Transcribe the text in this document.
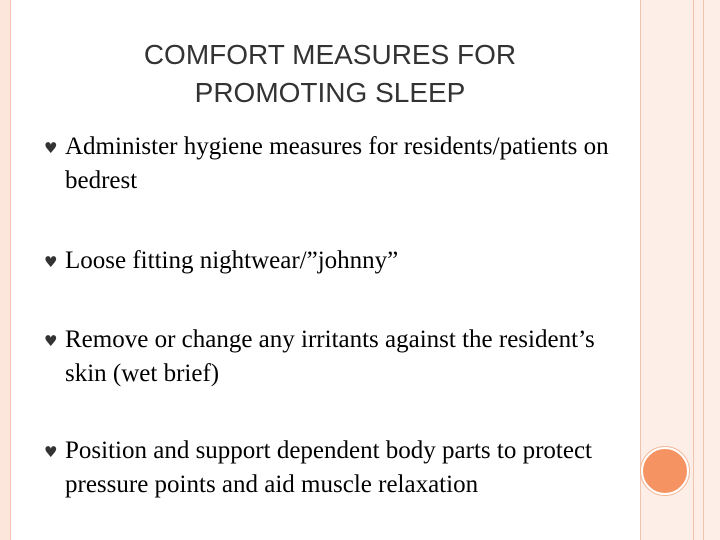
COMFORT MEASURES FOR
PROMOTING SLEEP
♥ Administer hygiene measures for residents/patients on bedrest
♥ Loose fitting nightwear/”johnny”
♥ Remove or change any irritants against the resident’s skin (wet brief)
♥ Position and support dependent body parts to protect pressure points and aid muscle relaxation
